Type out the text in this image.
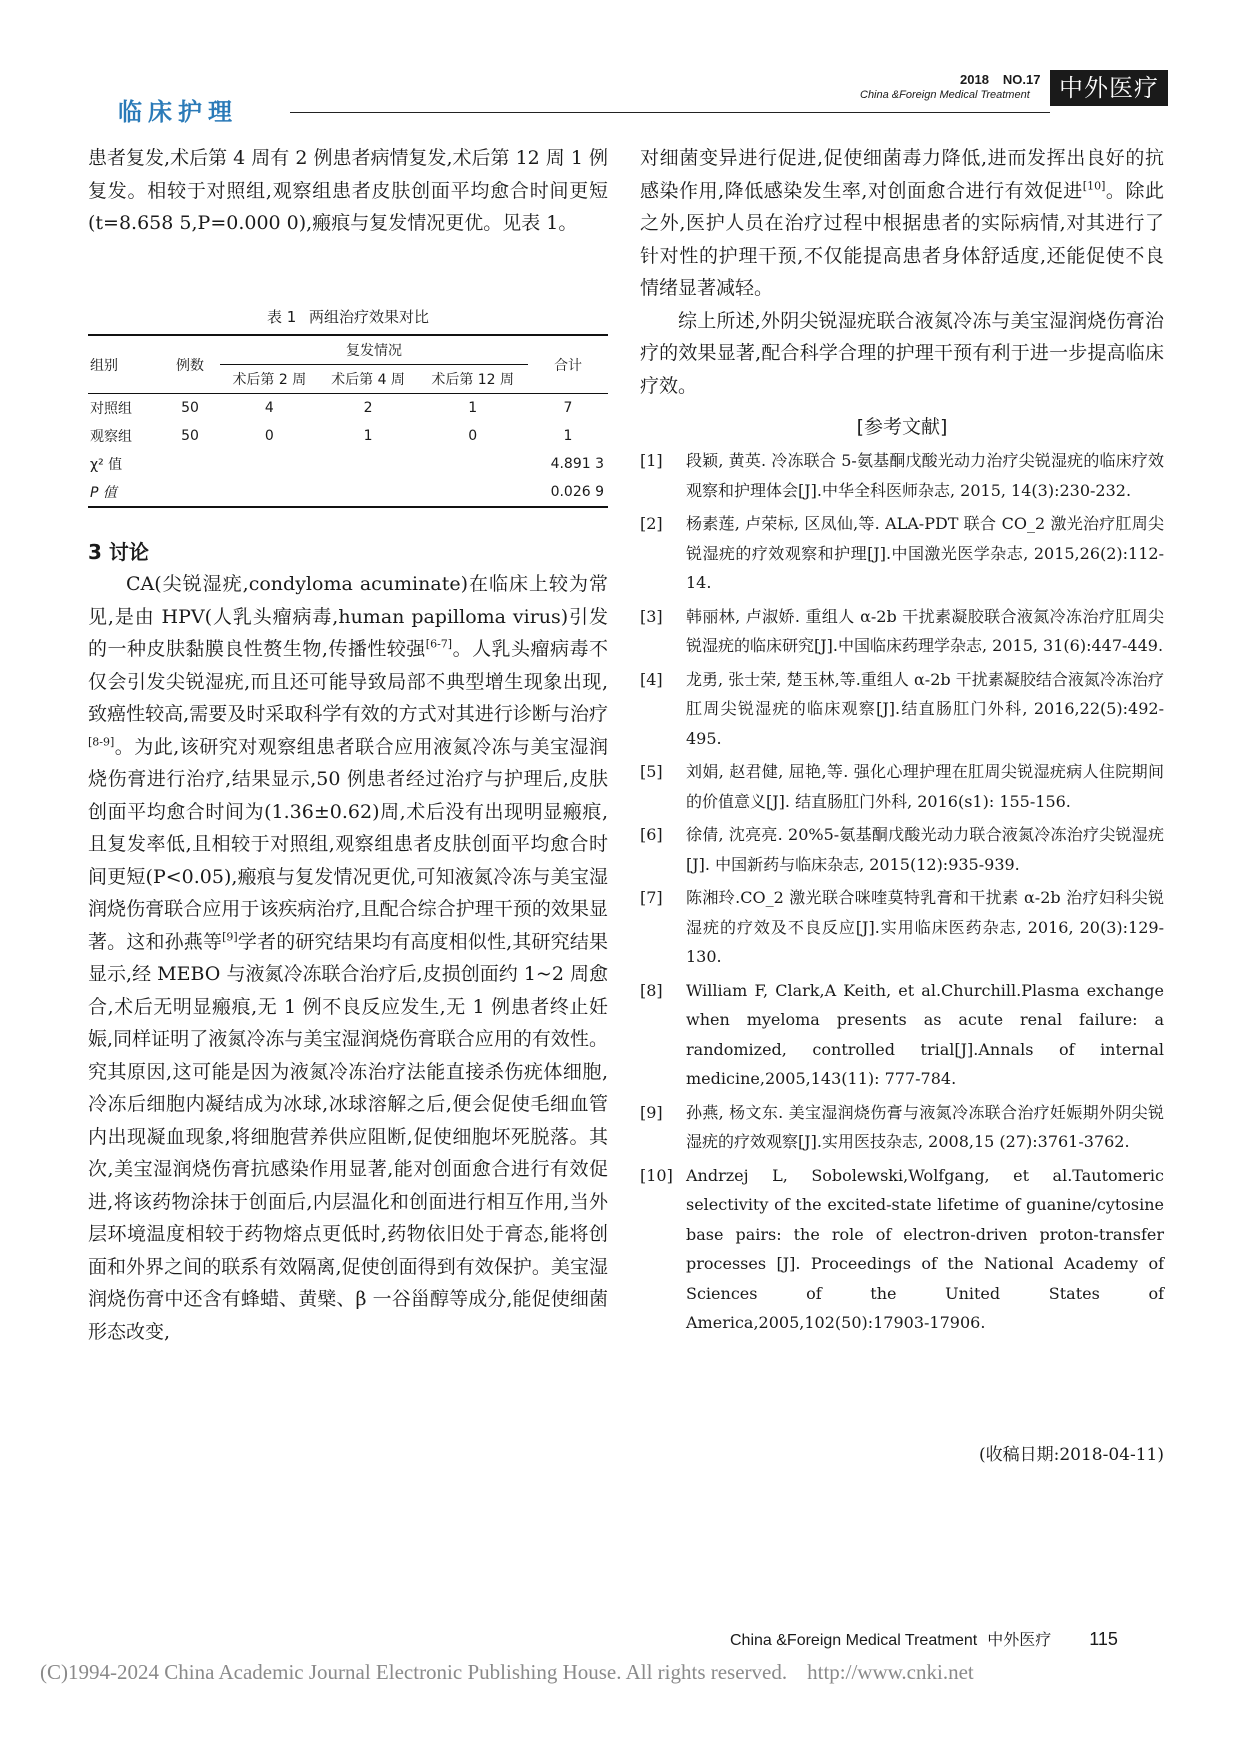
临床护理
2018 NO.17
China &Foreign Medical Treatment	中外医疗

患者复发,术后第 4 周有 2 例患者病情复发,术后第 12 周 1 例复发。相较于对照组,观察组患者皮肤创面平均愈合时间更短(t=8.658 5,P=0.000 0),瘢痕与复发情况更优。见表 1。

表 1 两组治疗效果对比
组别	例数	复发情况			合计
		术后第 2 周	术后第 4 周	术后第 12 周	
对照组	50	4	2	1	7
观察组	50	0	1	0	1
χ² 值					4.891 3
P 值					0.026 9
3 讨论

CA(尖锐湿疣,condyloma acuminate)在临床上较为常见,是由 HPV(人乳头瘤病毒,human papilloma virus)引发的一种皮肤黏膜良性赘生物,传播性较强[6-7]。人乳头瘤病毒不仅会引发尖锐湿疣,而且还可能导致局部不典型增生现象出现,致癌性较高,需要及时采取科学有效的方式对其进行诊断与治疗[8-9]。为此,该研究对观察组患者联合应用液氮冷冻与美宝湿润烧伤膏进行治疗,结果显示,50 例患者经过治疗与护理后,皮肤创面平均愈合时间为(1.36±0.62)周,术后没有出现明显瘢痕,且复发率低,且相较于对照组,观察组患者皮肤创面平均愈合时间更短(P<0.05),瘢痕与复发情况更优,可知液氮冷冻与美宝湿润烧伤膏联合应用于该疾病治疗,且配合综合护理干预的效果显著。这和孙燕等[9]学者的研究结果均有高度相似性,其研究结果显示,经 MEBO 与液氮冷冻联合治疗后,皮损创面约 1~2 周愈合,术后无明显瘢痕,无 1 例不良反应发生,无 1 例患者终止妊娠,同样证明了液氮冷冻与美宝湿润烧伤膏联合应用的有效性。究其原因,这可能是因为液氮冷冻治疗法能直接杀伤疣体细胞,冷冻后细胞内凝结成为冰球,冰球溶解之后,便会促使毛细血管内出现凝血现象,将细胞营养供应阻断,促使细胞坏死脱落。其次,美宝湿润烧伤膏抗感染作用显著,能对创面愈合进行有效促进,将该药物涂抹于创面后,内层温化和创面进行相互作用,当外层环境温度相较于药物熔点更低时,药物依旧处于膏态,能将创面和外界之间的联系有效隔离,促使创面得到有效保护。美宝湿润烧伤膏中还含有蜂蜡、黄檗、β 一谷甾醇等成分,能促使细菌形态改变,

对细菌变异进行促进,促使细菌毒力降低,进而发挥出良好的抗感染作用,降低感染发生率,对创面愈合进行有效促进[10]。除此之外,医护人员在治疗过程中根据患者的实际病情,对其进行了针对性的护理干预,不仅能提高患者身体舒适度,还能促使不良情绪显著减轻。

综上所述,外阴尖锐湿疣联合液氮冷冻与美宝湿润烧伤膏治疗的效果显著,配合科学合理的护理干预有利于进一步提高临床疗效。

[参考文献]
[1] 段颖, 黄英. 冷冻联合 5-氨基酮戊酸光动力治疗尖锐湿疣的临床疗效观察和护理体会[J].中华全科医师杂志, 2015, 14(3):230-232.
[2] 杨素莲, 卢荣标, 区凤仙,等. ALA-PDT 联合 CO_2 激光治疗肛周尖锐湿疣的疗效观察和护理[J].中国激光医学杂志, 2015,26(2):112-14.
[3] 韩丽林, 卢淑娇. 重组人 α-2b 干扰素凝胶联合液氮冷冻治疗肛周尖锐湿疣的临床研究[J].中国临床药理学杂志, 2015, 31(6):447-449.
[4] 龙勇, 张士荣, 楚玉林,等.重组人 α-2b 干扰素凝胶结合液氮冷冻治疗肛周尖锐湿疣的临床观察[J].结直肠肛门外科, 2016,22(5):492-495.
[5] 刘娟, 赵君健, 屈艳,等. 强化心理护理在肛周尖锐湿疣病人住院期间的价值意义[J]. 结直肠肛门外科, 2016(s1): 155-156.
[6] 徐倩, 沈亮亮. 20%5-氨基酮戊酸光动力联合液氮冷冻治疗尖锐湿疣[J]. 中国新药与临床杂志, 2015(12):935-939.
[7] 陈湘玲.CO_2 激光联合咪喹莫特乳膏和干扰素 α-2b 治疗妇科尖锐湿疣的疗效及不良反应[J].实用临床医药杂志, 2016, 20(3):129-130.
[8] William F, Clark,A Keith, et al.Churchill.Plasma exchange when myeloma presents as acute renal failure: a randomized, controlled trial[J].Annals of internal medicine,2005,143(11): 777-784.
[9] 孙燕, 杨文东. 美宝湿润烧伤膏与液氮冷冻联合治疗妊娠期外阴尖锐湿疣的疗效观察[J].实用医技杂志, 2008,15 (27):3761-3762.
[10] Andrzej L, Sobolewski,Wolfgang, et al.Tautomeric selectivity of the excited-state lifetime of guanine/cytosine base pairs: the role of electron-driven proton-transfer processes [J]. Proceedings of the National Academy of Sciences of the United States of America,2005,102(50):17903-17906.
(收稿日期:2018-04-11)
China &Foreign Medical Treatment 中外医疗 115
(C)1994-2024 China Academic Journal Electronic Publishing House. All rights reserved. http://www.cnki.net
